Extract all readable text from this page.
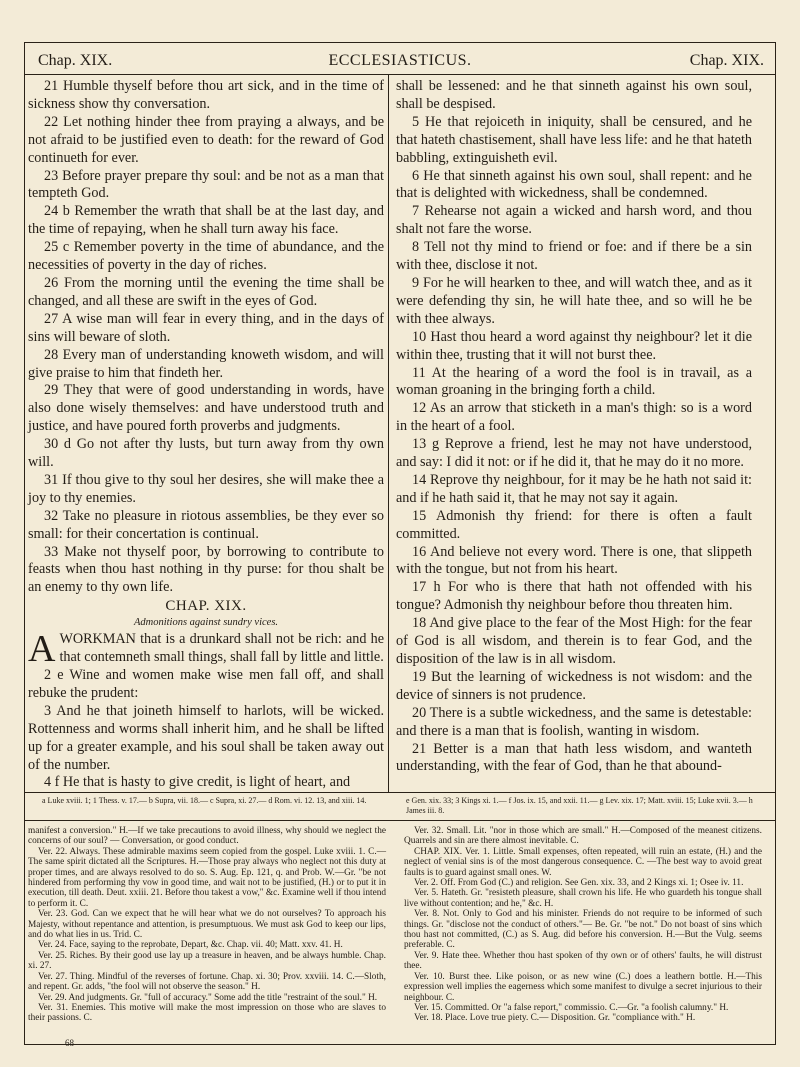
Chap. XIX.	ECCLESIASTICUS.	Chap. XIX.

21 Humble thyself before thou art sick, and in the time of sickness show thy conversation.

22 Let nothing hinder thee from praying a always, and be not afraid to be justified even to death: for the reward of God continueth for ever.

23 Before prayer prepare thy soul: and be not as a man that tempteth God.

24 b Remember the wrath that shall be at the last day, and the time of repaying, when he shall turn away his face.

25 c Remember poverty in the time of abundance, and the necessities of poverty in the day of riches.

26 From the morning until the evening the time shall be changed, and all these are swift in the eyes of God.

27 A wise man will fear in every thing, and in the days of sins will beware of sloth.

28 Every man of understanding knoweth wisdom, and will give praise to him that findeth her.

29 They that were of good understanding in words, have also done wisely themselves: and have understood truth and justice, and have poured forth proverbs and judgments.

30 d Go not after thy lusts, but turn away from thy own will.

31 If thou give to thy soul her desires, she will make thee a joy to thy enemies.

32 Take no pleasure in riotous assemblies, be they ever so small: for their concertation is continual.

33 Make not thyself poor, by borrowing to contribute to feasts when thou hast nothing in thy purse: for thou shalt be an enemy to thy own life.

CHAP. XIX.
Admonitions against sundry vices.

AWORKMAN that is a drunkard shall not be rich: and he that contemneth small things, shall fall by little and little.

2 e Wine and women make wise men fall off, and shall rebuke the prudent:

3 And he that joineth himself to harlots, will be wicked. Rottenness and worms shall inherit him, and he shall be lifted up for a greater example, and his soul shall be taken away out of the number.

4 f He that is hasty to give credit, is light of heart, and

shall be lessened: and he that sinneth against his own soul, shall be despised.

5 He that rejoiceth in iniquity, shall be censured, and he that hateth chastisement, shall have less life: and he that hateth babbling, extinguisheth evil.

6 He that sinneth against his own soul, shall repent: and he that is delighted with wickedness, shall be condemned.

7 Rehearse not again a wicked and harsh word, and thou shalt not fare the worse.

8 Tell not thy mind to friend or foe: and if there be a sin with thee, disclose it not.

9 For he will hearken to thee, and will watch thee, and as it were defending thy sin, he will hate thee, and so will he be with thee always.

10 Hast thou heard a word against thy neighbour? let it die within thee, trusting that it will not burst thee.

11 At the hearing of a word the fool is in travail, as a woman groaning in the bringing forth a child.

12 As an arrow that sticketh in a man's thigh: so is a word in the heart of a fool.

13 g Reprove a friend, lest he may not have understood, and say: I did it not: or if he did it, that he may do it no more.

14 Reprove thy neighbour, for it may be he hath not said it: and if he hath said it, that he may not say it again.

15 Admonish thy friend: for there is often a fault committed.

16 And believe not every word. There is one, that slippeth with the tongue, but not from his heart.

17 h For who is there that hath not offended with his tongue? Admonish thy neighbour before thou threaten him.

18 And give place to the fear of the Most High: for the fear of God is all wisdom, and therein is to fear God, and the disposition of the law is in all wisdom.

19 But the learning of wickedness is not wisdom: and the device of sinners is not prudence.

20 There is a subtle wickedness, and the same is detestable: and there is a man that is foolish, wanting in wisdom.

21 Better is a man that hath less wisdom, and wanteth understanding, with the fear of God, than he that abound-

a Luke xviii. 1; 1 Thess. v. 17.— b Supra, vii. 18.— c Supra, xi. 27.— d Rom. vi. 12. 13, and xiii. 14.	e Gen. xix. 33; 3 Kings xi. 1.— f Jos. ix. 15, and xxii. 11.— g Lev. xix. 17; Matt. xviii. 15; Luke xvii. 3.— h James iii. 8.

manifest a conversion." H.—If we take precautions to avoid illness, why should we neglect the concerns of our soul? — Conversation, or good conduct.

Ver. 22. Always. These admirable maxims seem copied from the gospel. Luke xviii. 1. C.—The same spirit dictated all the Scriptures. H.—Those pray always who neglect not this duty at proper times, and are always resolved to do so. S. Aug. Ep. 121, q. and Prob. W.—Gr. "be not hindered from performing thy vow in good time, and wait not to be justified, (H.) or to put it in execution, till death. Deut. xxiii. 21. Before thou takest a vow," &c. Examine well if thou intend to perform it. C.

Ver. 23. God. Can we expect that he will hear what we do not ourselves? To approach his Majesty, without repentance and attention, is presumptuous. We must ask God to keep our lips, and do what lies in us. Trid. C.

Ver. 24. Face, saying to the reprobate, Depart, &c. Chap. vii. 40; Matt. xxv. 41. H.

Ver. 25. Riches. By their good use lay up a treasure in heaven, and be always humble. Chap. xi. 27.

Ver. 27. Thing. Mindful of the reverses of fortune. Chap. xi. 30; Prov. xxviii. 14. C.—Sloth, and repent. Gr. adds, "the fool will not observe the season." H.

Ver. 29. And judgments. Gr. "full of accuracy." Some add the title "restraint of the soul." H.

Ver. 31. Enemies. This motive will make the most impression on those who are slaves to their passions. C.

Ver. 32. Small. Lit. "nor in those which are small." H.—Composed of the meanest citizens. Quarrels and sin are there almost inevitable. C.

CHAP. XIX. Ver. 1. Little. Small expenses, often repeated, will ruin an estate, (H.) and the neglect of venial sins is of the most dangerous consequence. C. —The best way to avoid great faults is to guard against small ones. W.

Ver. 2. Off. From God (C.) and religion. See Gen. xix. 33, and 2 Kings xi. 1; Osee iv. 11.

Ver. 5. Hateth. Gr. "resisteth pleasure, shall crown his life. He who guardeth his tongue shall live without contention; and he," &c. H.

Ver. 8. Not. Only to God and his minister. Friends do not require to be informed of such things. Gr. "disclose not the conduct of others."— Be. Gr. "be not." Do not boast of sins which thou hast not committed, (C.) as S. Aug. did before his conversion. H.—But the Vulg. seems preferable. C.

Ver. 9. Hate thee. Whether thou hast spoken of thy own or of others' faults, he will distrust thee.

Ver. 10. Burst thee. Like poison, or as new wine (C.) does a leathern bottle. H.—This expression well implies the eagerness which some manifest to divulge a secret injurious to their neighbour. C.

Ver. 15. Committed. Or "a false report," commissio. C.—Gr. "a foolish calumny." H.

Ver. 18. Place. Love true piety. C.— Disposition. Gr. "compliance with." H.

68
